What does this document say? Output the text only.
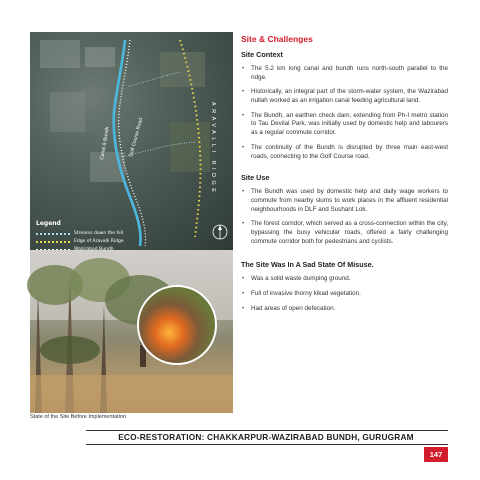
ARAVALLI RIDGE
Canal & Bundh	Golf Course Road
Legend
Streams down the hill
Edge of Aravalli Ridge
State of the Site Before Implementation
Site & Challenges
Site Context
• The 5.2 km long canal and bundh runs north-south parallel to the ridge.
• Historically, an integral part of the storm-water system, the Wazirabad nullah worked as an irrigation canal feeding agricultural land.
• The Bundh, an earthen check dam, extending from Ph-I metro station to Tau Devilal Park, was initially used by domestic help and labourers as a regular commute corridor.
• The continuity of the Bundh is disrupted by three main east-west roads, connecting to the Golf Course road.
Site Use
• The Bundh was used by domestic help and daily wage workers to commute from nearby slums to work places in the affluent residential neighbourhoods in DLF and Sushant Lok.
• The forest corridor, which served as a cross-connection within the city, bypassing the busy vehicular roads, offered a fairly challenging commute corridor both for pedestrians and cyclists.
The Site Was In A Sad State Of Misuse.
• Was a solid waste dumping ground.
• Full of invasive thorny kikad vegetation.
• Had areas of open defecation.
ECO-RESTORATION: CHAKKARPUR-WAZIRABAD BUNDH, GURUGRAM
147
